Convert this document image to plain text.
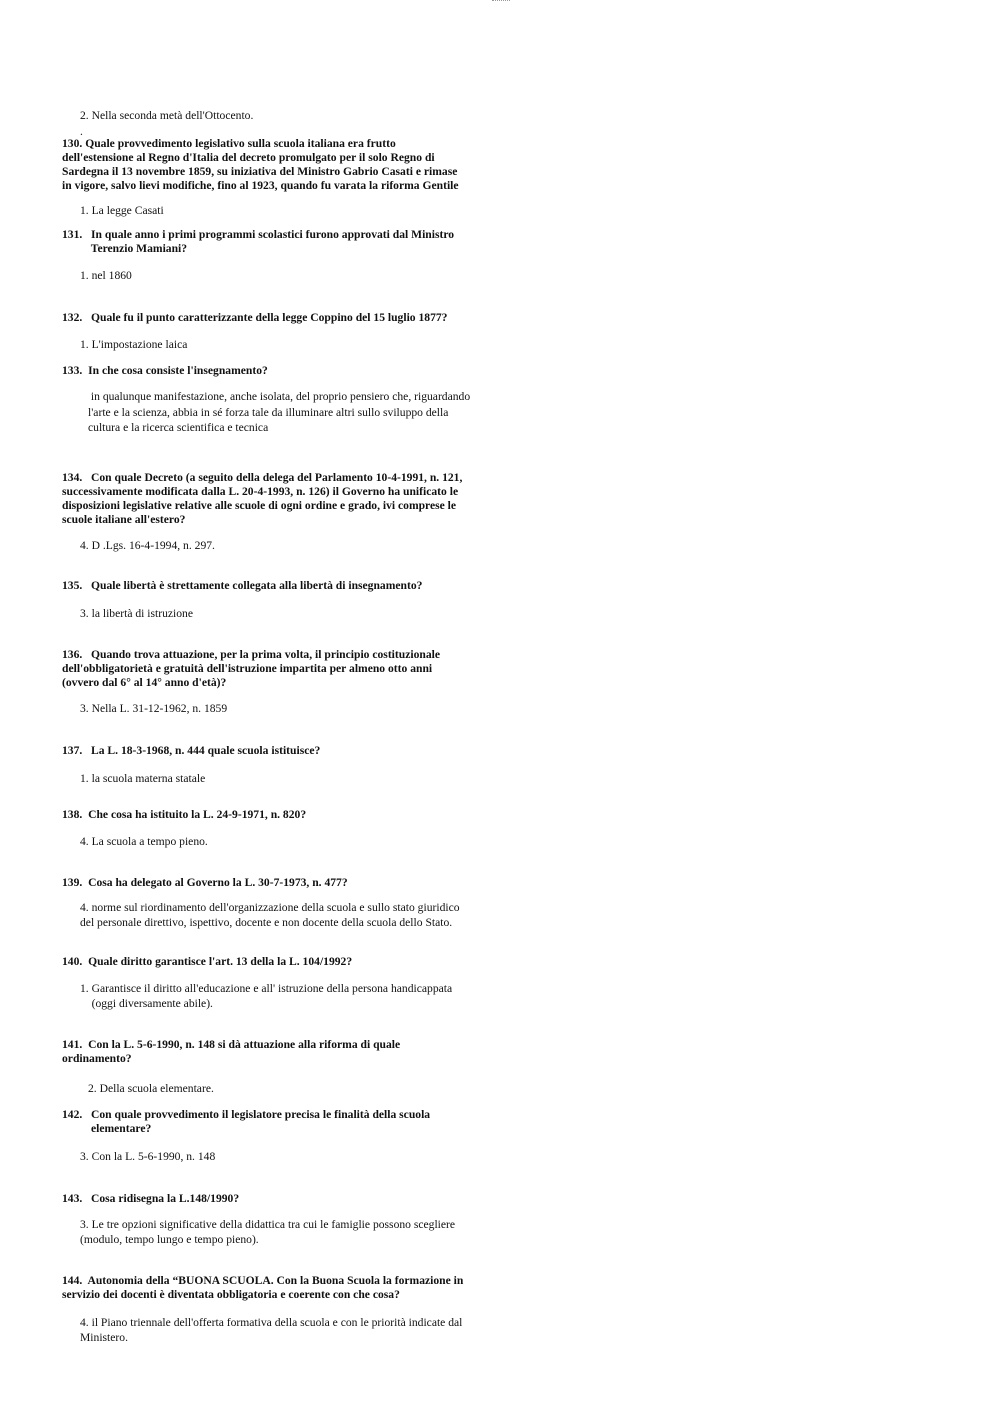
2. Nella seconda metà dell'Ottocento.
.
130. Quale provvedimento legislativo sulla scuola italiana era frutto
dell'estensione al Regno d'Italia del decreto promulgato per il solo Regno di
Sardegna il 13 novembre 1859, su iniziativa del Ministro Gabrio Casati e rimase
in vigore, salvo lievi modifiche, fino al 1923, quando fu varata la riforma Gentile
1. La legge Casati
131.   In quale anno i primi programmi scolastici furono approvati dal Ministro
Terenzio Mamiani?
1. nel 1860
132.   Quale fu il punto caratterizzante della legge Coppino del 15 luglio 1877?
1. L'impostazione laica
133.  In che cosa consiste l'insegnamento?
in qualunque manifestazione, anche isolata, del proprio pensiero che, riguardando
l'arte e la scienza, abbia in sé forza tale da illuminare altri sullo sviluppo della
cultura e la ricerca scientifica e tecnica
134.   Con quale Decreto (a seguito della delega del Parlamento 10-4-1991, n. 121,
successivamente modificata dalla L. 20-4-1993, n. 126) il Governo ha unificato le
disposizioni legislative relative alle scuole di ogni ordine e grado, ivi comprese le
scuole italiane all'estero?
4. D .Lgs. 16-4-1994, n. 297.
135.   Quale libertà è strettamente collegata alla libertà di insegnamento?
3. la libertà di istruzione
136.   Quando trova attuazione, per la prima volta, il principio costituzionale
dell'obbligatorietà e gratuità dell'istruzione impartita per almeno otto anni
(ovvero dal 6° al 14° anno d'età)?
3. Nella L. 31-12-1962, n. 1859
137.   La L. 18-3-1968, n. 444 quale scuola istituisce?
1. la scuola materna statale
138.  Che cosa ha istituito la L. 24-9-1971, n. 820?
4. La scuola a tempo pieno.
139.  Cosa ha delegato al Governo la L. 30-7-1973, n. 477?
4. norme sul riordinamento dell'organizzazione della scuola e sullo stato giuridico
del personale direttivo, ispettivo, docente e non docente della scuola dello Stato.
140.  Quale diritto garantisce l'art. 13 della la L. 104/1992?
1. Garantisce il diritto all'educazione e all' istruzione della persona handicappata
(oggi diversamente abile).
141.  Con la L. 5-6-1990, n. 148 si dà attuazione alla riforma di quale
ordinamento?
2. Della scuola elementare.
142.   Con quale provvedimento il legislatore precisa le finalità della scuola
elementare?
3. Con la L. 5-6-1990, n. 148
143.   Cosa ridisegna la L.148/1990?
3. Le tre opzioni significative della didattica tra cui le famiglie possono scegliere
(modulo, tempo lungo e tempo pieno).
144.  Autonomia della “BUONA SCUOLA. Con la Buona Scuola la formazione in
servizio dei docenti è diventata obbligatoria e coerente con che cosa?
4. il Piano triennale dell'offerta formativa della scuola e con le priorità indicate dal
Ministero.
